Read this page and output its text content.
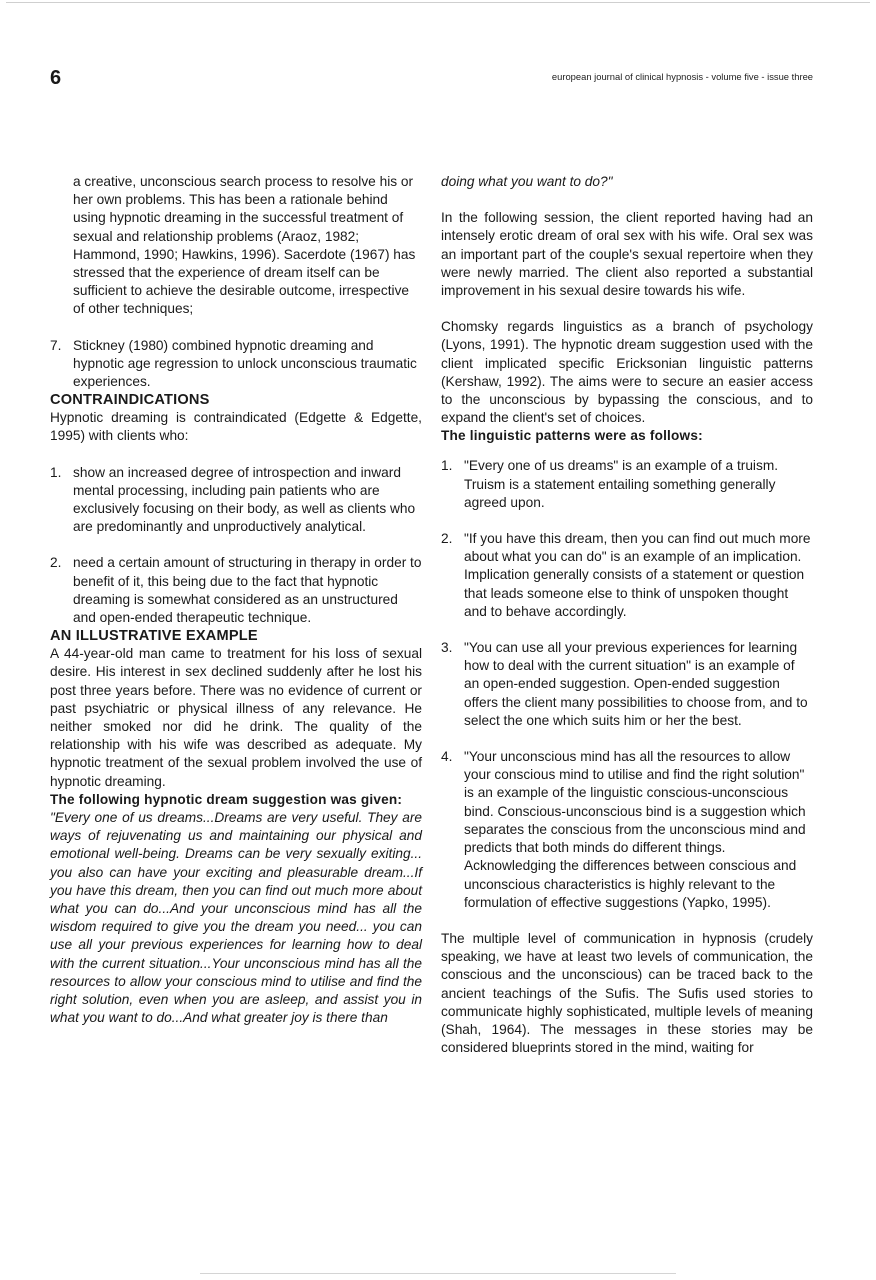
6	european journal of clinical hypnosis - volume five - issue three

a creative, unconscious search process to resolve his or her own problems. This has been a rationale behind using hypnotic dreaming in the successful treatment of sexual and relationship problems (Araoz, 1982; Hammond, 1990; Hawkins, 1996). Sacerdote (1967) has stressed that the experience of dream itself can be sufficient to achieve the desirable outcome, irrespective of other techniques;
7. Stickney (1980) combined hypnotic dreaming and hypnotic age regression to unlock unconscious traumatic experiences.
CONTRAINDICATIONS

Hypnotic dreaming is contraindicated (Edgette & Edgette, 1995) with clients who:

1. show an increased degree of introspection and inward mental processing, including pain patients who are exclusively focusing on their body, as well as clients who are predominantly and unproductively analytical.
2. need a certain amount of structuring in therapy in order to benefit of it, this being due to the fact that hypnotic dreaming is somewhat considered as an unstructured and open-ended therapeutic technique.
AN ILLUSTRATIVE EXAMPLE

A 44-year-old man came to treatment for his loss of sexual desire. His interest in sex declined suddenly after he lost his post three years before. There was no evidence of current or past psychiatric or physical illness of any relevance. He neither smoked nor did he drink. The quality of the relationship with his wife was described as adequate. My hypnotic treatment of the sexual problem involved the use of hypnotic dreaming.

The following hypnotic dream suggestion was given:

"Every one of us dreams...Dreams are very useful. They are ways of rejuvenating us and maintaining our physical and emotional well-being. Dreams can be very sexually exiting... you also can have your exciting and pleasurable dream...If you have this dream, then you can find out much more about what you can do...And your unconscious mind has all the wisdom required to give you the dream you need... you can use all your previous experiences for learning how to deal with the current situation...Your unconscious mind has all the resources to allow your conscious mind to utilise and find the right solution, even when you are asleep, and assist you in what you want to do...And what greater joy is there than

doing what you want to do?"

In the following session, the client reported having had an intensely erotic dream of oral sex with his wife. Oral sex was an important part of the couple's sexual repertoire when they were newly married. The client also reported a substantial improvement in his sexual desire towards his wife.

Chomsky regards linguistics as a branch of psychology (Lyons, 1991). The hypnotic dream suggestion used with the client implicated specific Ericksonian linguistic patterns (Kershaw, 1992). The aims were to secure an easier access to the unconscious by bypassing the conscious, and to expand the client's set of choices.

The linguistic patterns were as follows:
1. "Every one of us dreams" is an example of a truism. Truism is a statement entailing something generally agreed upon.
2. "If you have this dream, then you can find out much more about what you can do" is an example of an implication. Implication generally consists of a statement or question that leads someone else to think of unspoken thought and to behave accordingly.
3. "You can use all your previous experiences for learning how to deal with the current situation" is an example of an open-ended suggestion. Open-ended suggestion offers the client many possibilities to choose from, and to select the one which suits him or her the best.
4. "Your unconscious mind has all the resources to allow your conscious mind to utilise and find the right solution" is an example of the linguistic conscious-unconscious bind. Conscious-unconscious bind is a suggestion which separates the conscious from the unconscious mind and predicts that both minds do different things. Acknowledging the differences between conscious and unconscious characteristics is highly relevant to the formulation of effective suggestions (Yapko, 1995).

The multiple level of communication in hypnosis (crudely speaking, we have at least two levels of communication, the conscious and the unconscious) can be traced back to the ancient teachings of the Sufis. The Sufis used stories to communicate highly sophisticated, multiple levels of meaning (Shah, 1964). The messages in these stories may be considered blueprints stored in the mind, waiting for
